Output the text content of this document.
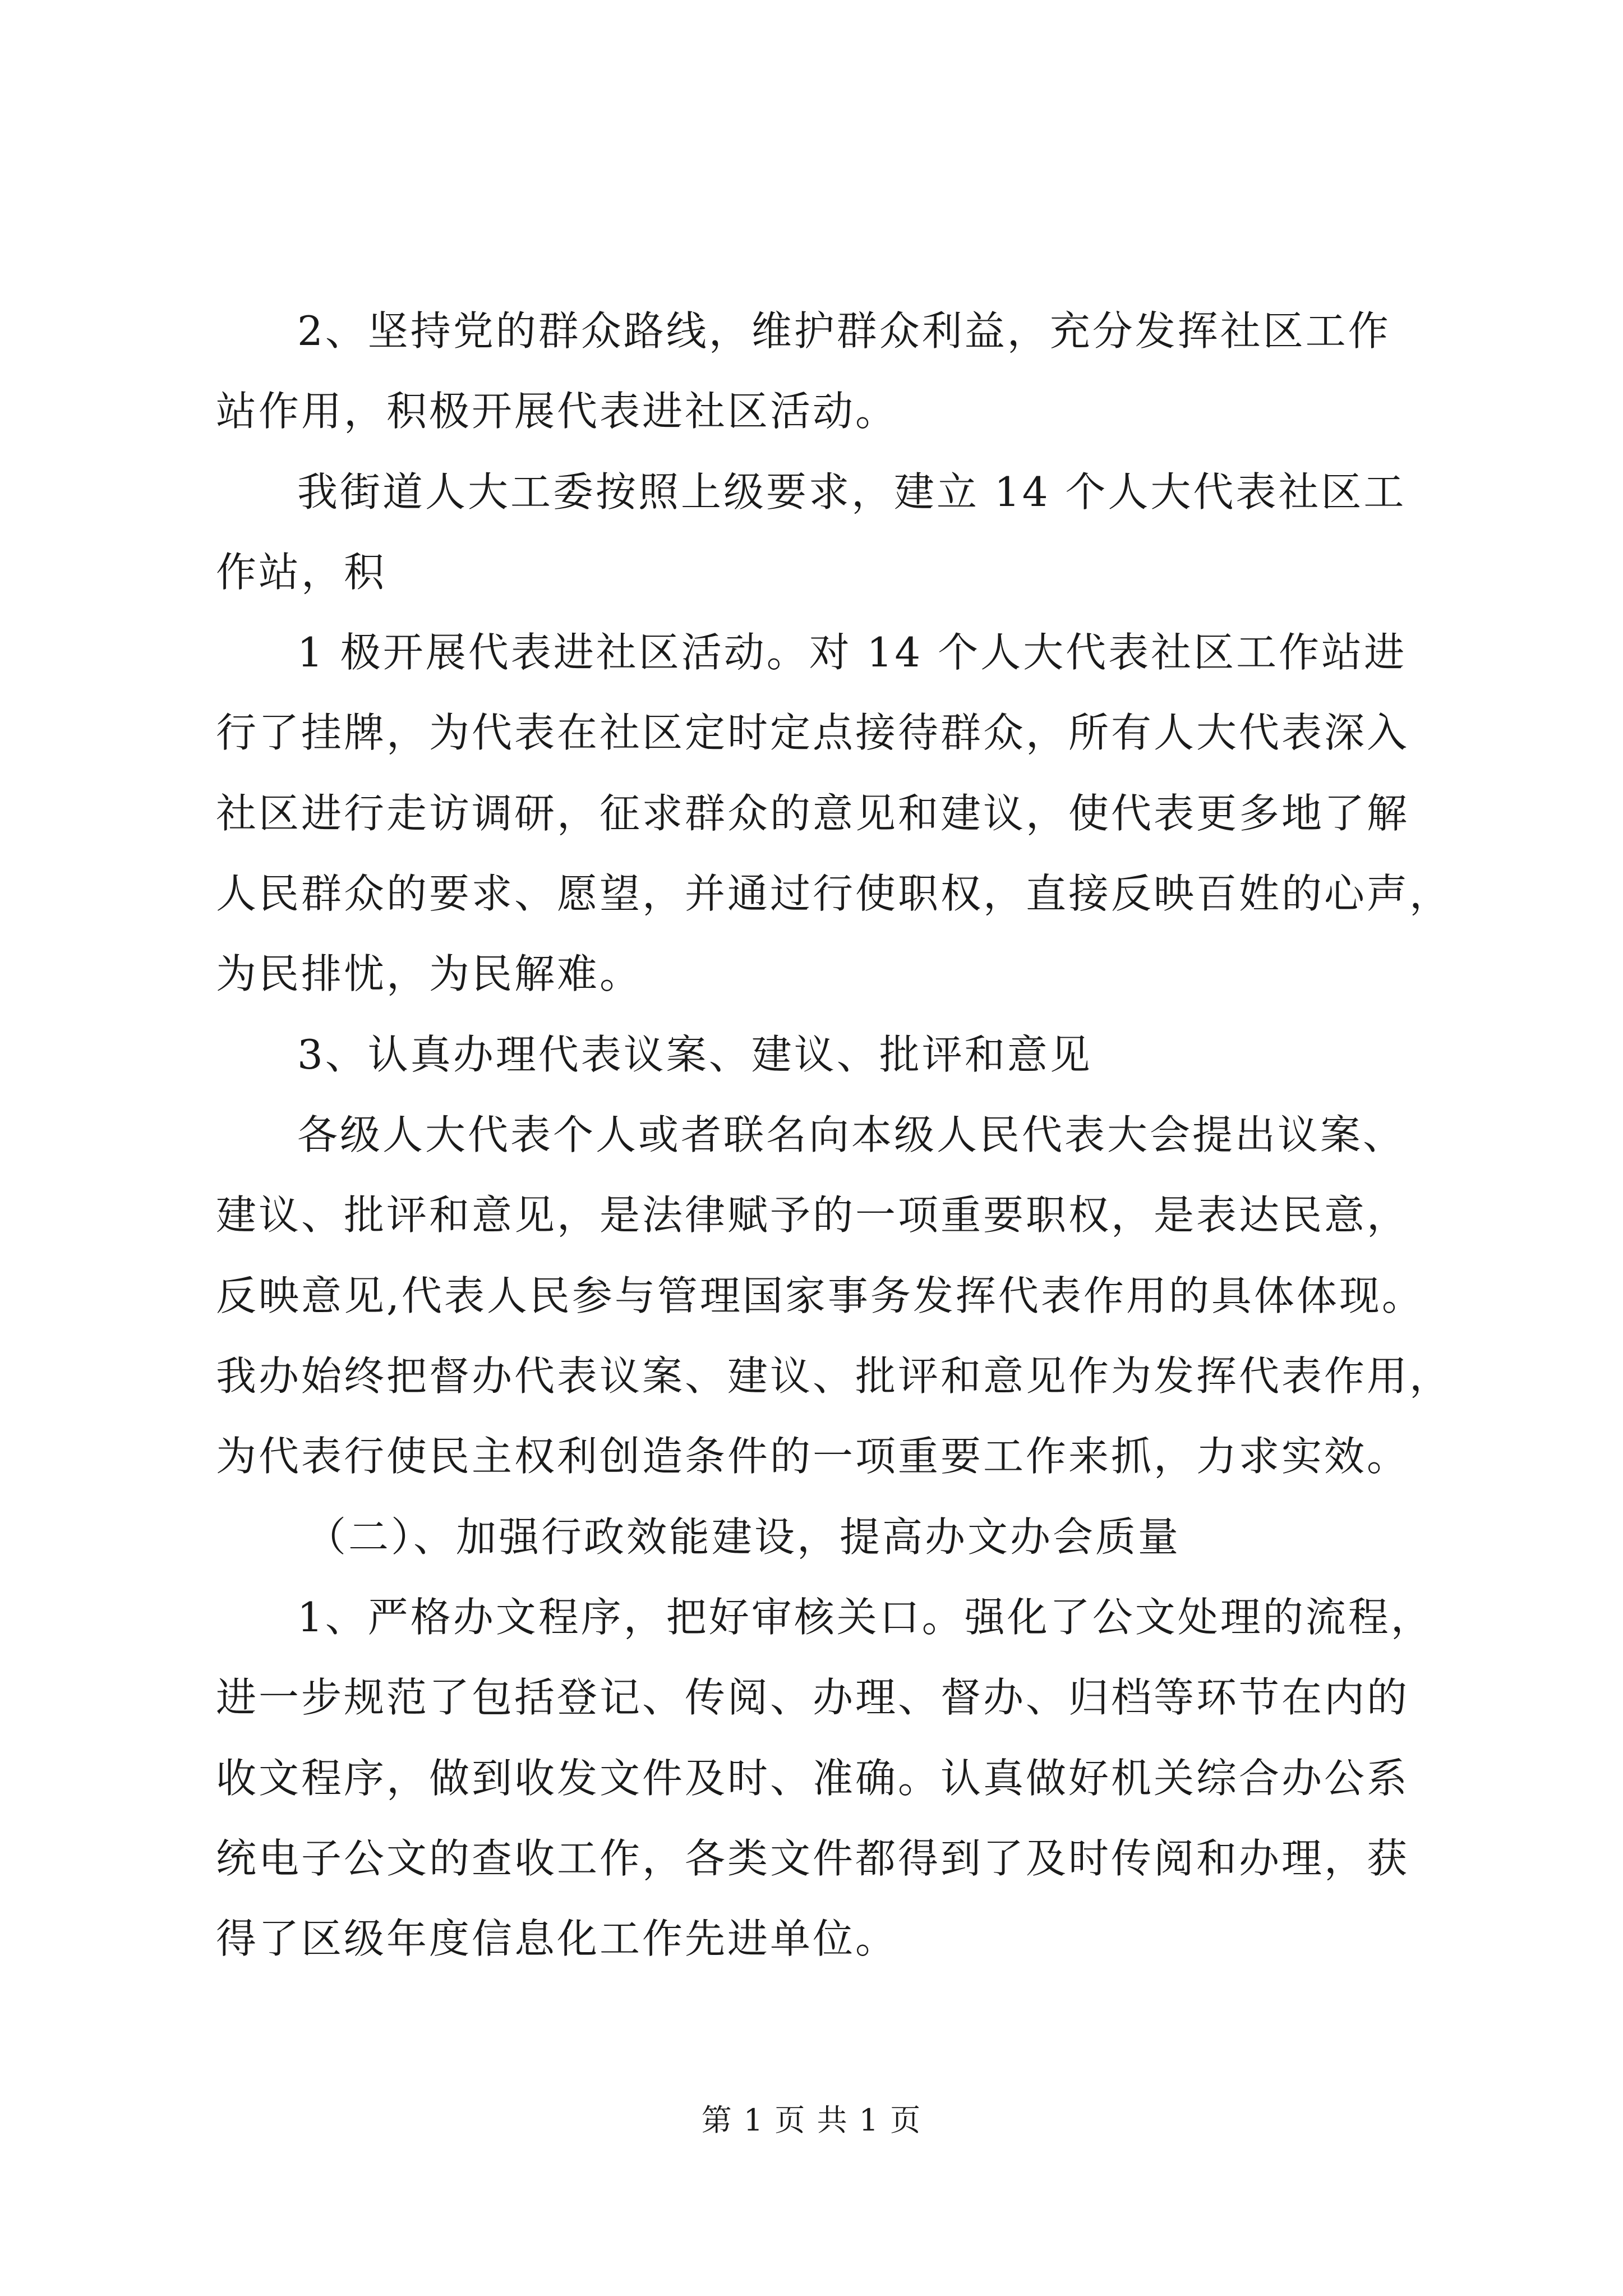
2、坚持党的群众路线，维护群众利益，充分发挥社区工作
站作用，积极开展代表进社区活动。
我街道人大工委按照上级要求，建立 14 个人大代表社区工
作站，积
1 极开展代表进社区活动。对 14 个人大代表社区工作站进
行了挂牌，为代表在社区定时定点接待群众，所有人大代表深入
社区进行走访调研，征求群众的意见和建议，使代表更多地了解
人民群众的要求、愿望，并通过行使职权，直接反映百姓的心声，
为民排忧，为民解难。
3、认真办理代表议案、建议、批评和意见
各级人大代表个人或者联名向本级人民代表大会提出议案、
建议、批评和意见，是法律赋予的一项重要职权，是表达民意，
反映意见,代表人民参与管理国家事务发挥代表作用的具体体现。
我办始终把督办代表议案、建议、批评和意见作为发挥代表作用，
为代表行使民主权利创造条件的一项重要工作来抓，力求实效。
（二）、加强行政效能建设，提高办文办会质量
1、严格办文程序，把好审核关口。强化了公文处理的流程，
进一步规范了包括登记、传阅、办理、督办、归档等环节在内的
收文程序，做到收发文件及时、准确。认真做好机关综合办公系
统电子公文的查收工作，各类文件都得到了及时传阅和办理，获
得了区级年度信息化工作先进单位。
第 1 页 共 1 页
